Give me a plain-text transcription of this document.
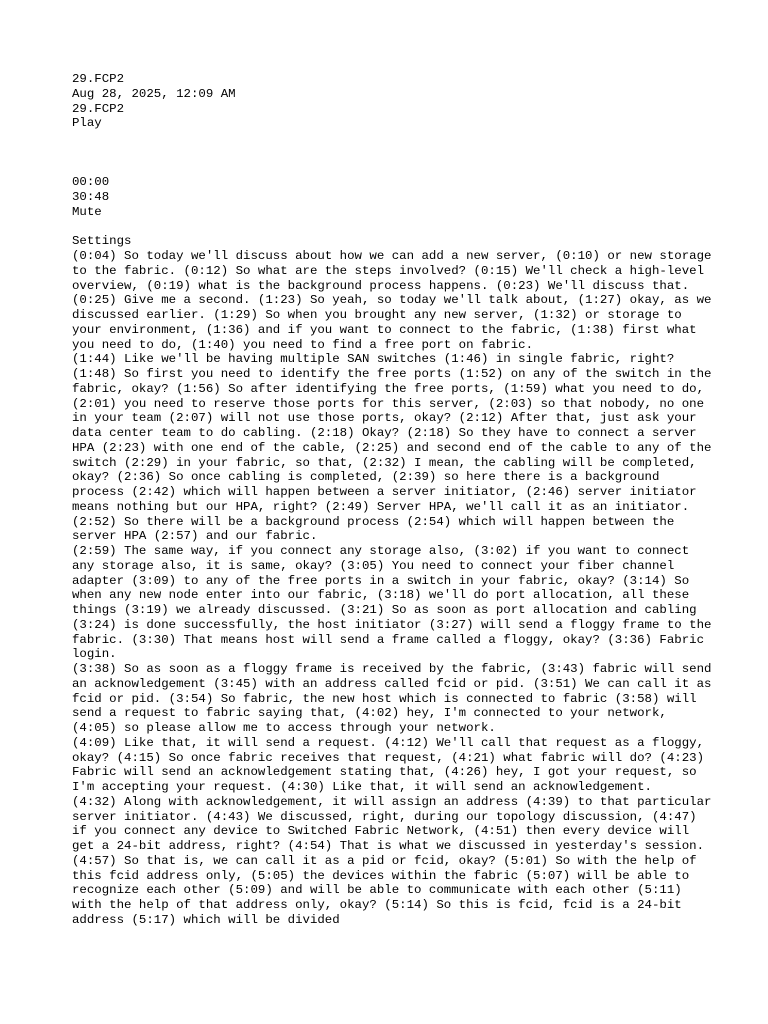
29.FCP2
Aug 28, 2025, 12:09 AM
29.FCP2
Play
00:00
30:48
Mute
Settings
(0:04) So today we'll discuss about how we can add a new server, (0:10) or new storage to the fabric. (0:12) So what are the steps involved? (0:15) We'll check a high-level overview, (0:19) what is the background process happens. (0:23) We'll discuss that.
(0:25) Give me a second. (1:23) So yeah, so today we'll talk about, (1:27) okay, as we discussed earlier. (1:29) So when you brought any new server, (1:32) or storage to your environment, (1:36) and if you want to connect to the fabric, (1:38) first what you need to do, (1:40) you need to find a free port on fabric.
(1:44) Like we'll be having multiple SAN switches (1:46) in single fabric, right? (1:48) So first you need to identify the free ports (1:52) on any of the switch in the fabric, okay? (1:56) So after identifying the free ports, (1:59) what you need to do, (2:01) you need to reserve those ports for this server, (2:03) so that nobody, no one in your team (2:07) will not use those ports, okay? (2:12) After that, just ask your data center team to do cabling. (2:18) Okay? (2:18) So they have to connect a server HPA (2:23) with one end of the cable, (2:25) and second end of the cable to any of the switch (2:29) in your fabric, so that, (2:32) I mean, the cabling will be completed, okay? (2:36) So once cabling is completed, (2:39) so here there is a background process (2:42) which will happen between a server initiator, (2:46) server initiator means nothing but our HPA, right? (2:49) Server HPA, we'll call it as an initiator. (2:52) So there will be a background process (2:54) which will happen between the server HPA (2:57) and our fabric.
(2:59) The same way, if you connect any storage also, (3:02) if you want to connect any storage also, it is same, okay? (3:05) You need to connect your fiber channel adapter (3:09) to any of the free ports in a switch in your fabric, okay? (3:14) So when any new node enter into our fabric, (3:18) we'll do port allocation, all these things (3:19) we already discussed. (3:21) So as soon as port allocation and cabling (3:24) is done successfully, the host initiator (3:27) will send a floggy frame to the fabric. (3:30) That means host will send a frame called a floggy, okay? (3:36) Fabric login.
(3:38) So as soon as a floggy frame is received by the fabric, (3:43) fabric will send an acknowledgement (3:45) with an address called fcid or pid. (3:51) We can call it as fcid or pid. (3:54) So fabric, the new host which is connected to fabric (3:58) will send a request to fabric saying that, (4:02) hey, I'm connected to your network, (4:05) so please allow me to access through your network.
(4:09) Like that, it will send a request. (4:12) We'll call that request as a floggy, okay? (4:15) So once fabric receives that request, (4:21) what fabric will do? (4:23) Fabric will send an acknowledgement stating that, (4:26) hey, I got your request, so I'm accepting your request. (4:30) Like that, it will send an acknowledgement.
(4:32) Along with acknowledgement, it will assign an address (4:39) to that particular server initiator. (4:43) We discussed, right, during our topology discussion, (4:47) if you connect any device to Switched Fabric Network, (4:51) then every device will get a 24-bit address, right? (4:54) That is what we discussed in yesterday's session. (4:57) So that is, we can call it as a pid or fcid, okay? (5:01) So with the help of this fcid address only, (5:05) the devices within the fabric (5:07) will be able to recognize each other (5:09) and will be able to communicate with each other (5:11) with the help of that address only, okay? (5:14) So this is fcid, fcid is a 24-bit address (5:17) which will be divided
